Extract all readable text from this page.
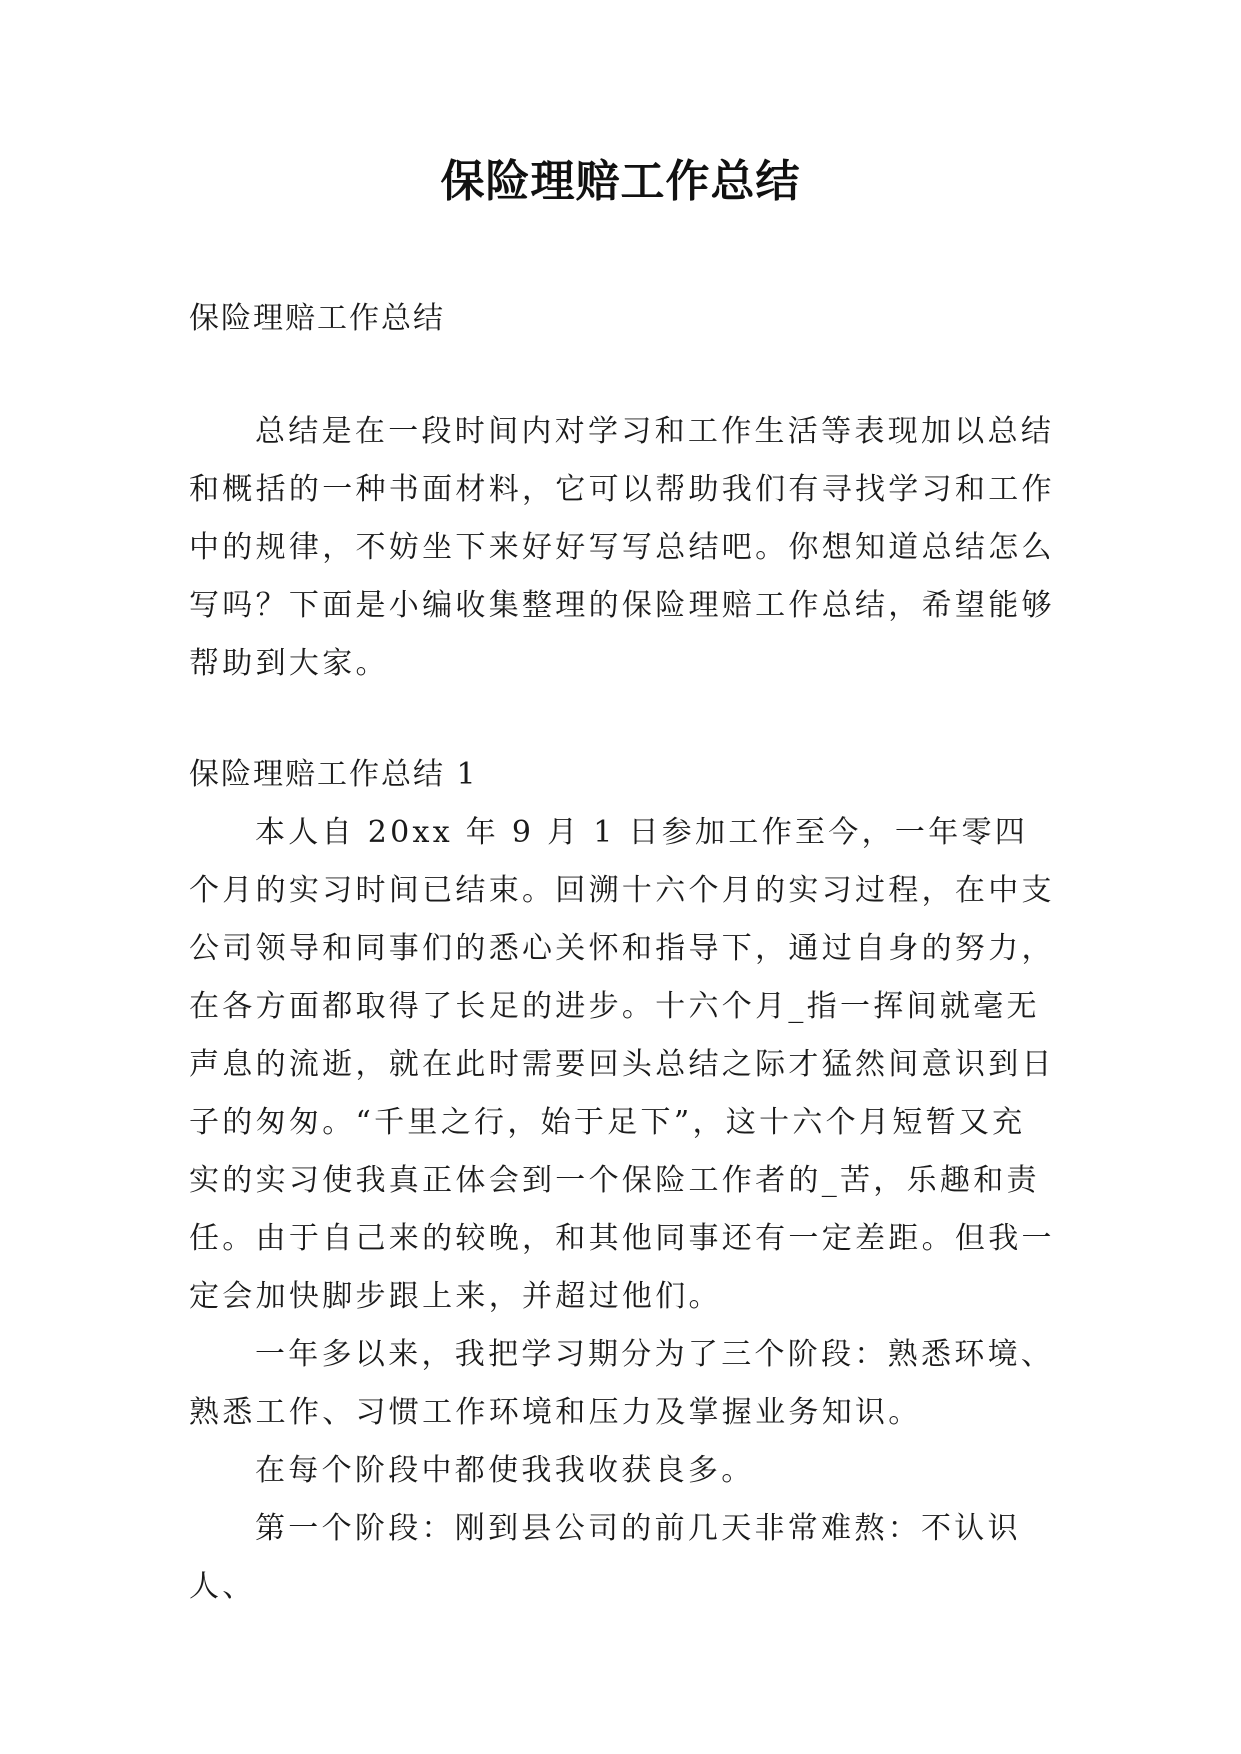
保险理赔工作总结

保险理赔工作总结

总结是在一段时间内对学习和工作生活等表现加以总结和概括的一种书面材料，它可以帮助我们有寻找学习和工作中的规律，不妨坐下来好好写写总结吧。你想知道总结怎么写吗？下面是小编收集整理的保险理赔工作总结，希望能够帮助到大家。

保险理赔工作总结 1

本人自 20xx 年 9 月 1 日参加工作至今，一年零四个月的实习时间已结束。回溯十六个月的实习过程，在中支公司领导和同事们的悉心关怀和指导下，通过自身的努力，在各方面都取得了长足的进步。十六个月_指一挥间就毫无声息的流逝，就在此时需要回头总结之际才猛然间意识到日子的匆匆。“千里之行，始于足下”，这十六个月短暂又充实的实习使我真正体会到一个保险工作者的_苦，乐趣和责任。由于自己来的较晚，和其他同事还有一定差距。但我一定会加快脚步跟上来，并超过他们。

一年多以来，我把学习期分为了三个阶段：熟悉环境、熟悉工作、习惯工作环境和压力及掌握业务知识。

在每个阶段中都使我我收获良多。

第一个阶段：刚到县公司的前几天非常难熬：不认识人、
